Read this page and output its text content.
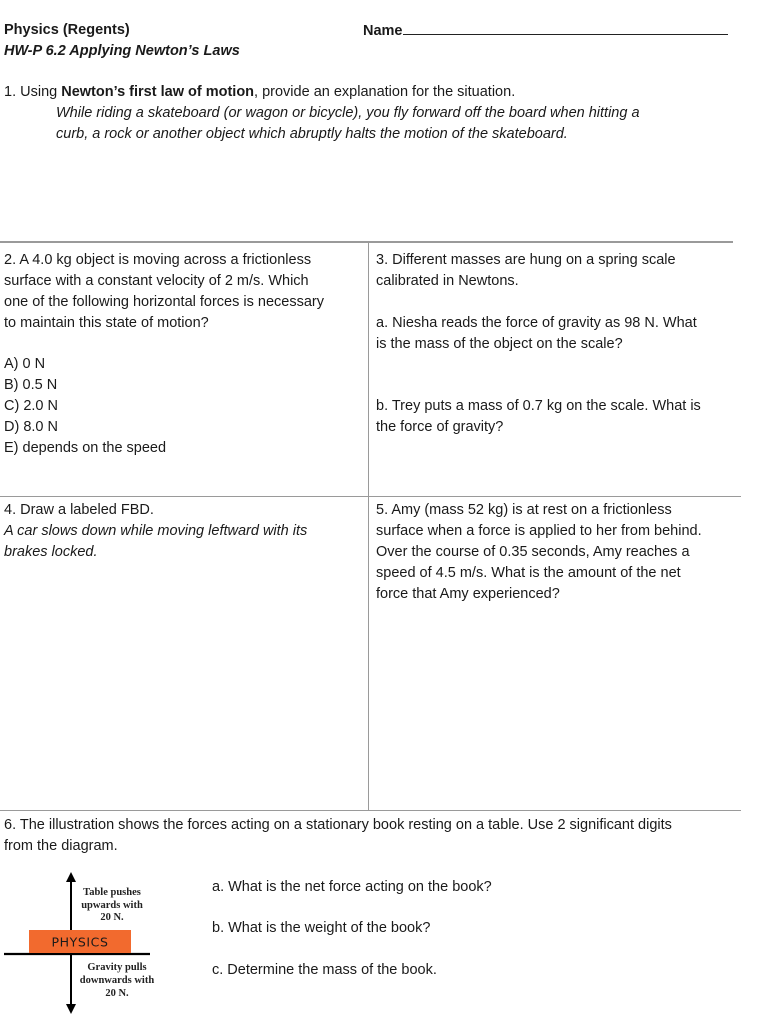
Physics (Regents)	Name
HW-P 6.2 Applying Newton’s Laws
1. Using Newton’s first law of motion, provide an explanation for the situation.
While riding a skateboard (or wagon or bicycle), you fly forward off the board when hitting a
curb, a rock or another object which abruptly halts the motion of the skateboard.
2. A 4.0 kg object is moving across a frictionless
surface with a constant velocity of 2 m/s. Which
one of the following horizontal forces is necessary
to maintain this state of motion?
A) 0 N
B) 0.5 N
C) 2.0 N
D) 8.0 N
E) depends on the speed
3. Different masses are hung on a spring scale
calibrated in Newtons.
a. Niesha reads the force of gravity as 98 N. What
is the mass of the object on the scale?
b. Trey puts a mass of 0.7 kg on the scale. What is
the force of gravity?
4. Draw a labeled FBD.
A car slows down while moving leftward with its
brakes locked.
5. Amy (mass 52 kg) is at rest on a frictionless
surface when a force is applied to her from behind.
Over the course of 0.35 seconds, Amy reaches a
speed of 4.5 m/s. What is the amount of the net
force that Amy experienced?
6. The illustration shows the forces acting on a stationary book resting on a table. Use 2 significant digits
from the diagram.
a. What is the net force acting on the book?
b. What is the weight of the book?
c. Determine the mass of the book.
PHYSICS
Table pushes
upwards with
20 N.
Gravity pulls
downwards with
20 N.
